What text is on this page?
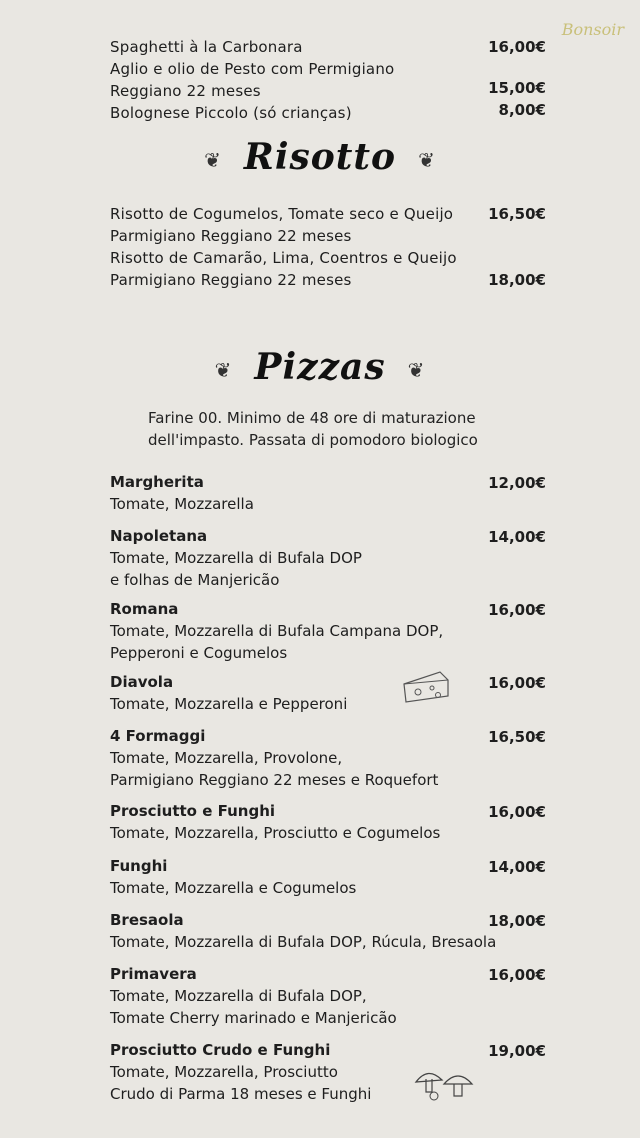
Bonsoir
Spaghetti à la Carbonara	16,00€
Aglio e olio de Pesto com Permigiano
Reggiano 22 meses	15,00€
Bolognese Piccolo (só crianças)	8,00€
❦ Risotto ❦
Risotto de Cogumelos, Tomate seco e Queijo 16,50€
Parmigiano Reggiano 22 meses
Risotto de Camarão, Lima, Coentros e Queijo
Parmigiano Reggiano 22 meses	18,00€
❦ Pizzas ❦
Farine 00. Minimo de 48 ore di maturazione
dell'impasto. Passata di pomodoro biologico
Margherita	12,00€
Tomate, Mozzarella
Napoletana	14,00€
Tomate, Mozzarella di Bufala DOP
e folhas de Manjericão
Romana	16,00€
Tomate, Mozzarella di Bufala Campana DOP,
Pepperoni e Cogumelos
Diavola	16,00€
Tomate, Mozzarella e Pepperoni
4 Formaggi	16,50€
Tomate, Mozzarella, Provolone,
Parmigiano Reggiano 22 meses e Roquefort
Prosciutto e Funghi	16,00€
Tomate, Mozzarella, Prosciutto e Cogumelos
Funghi	14,00€
Tomate, Mozzarella e Cogumelos
Bresaola	18,00€
Tomate, Mozzarella di Bufala DOP, Rúcula, Bresaola
Primavera	16,00€
Tomate, Mozzarella di Bufala DOP,
Tomate Cherry marinado e Manjericão
Prosciutto Crudo e Funghi	19,00€
Tomate, Mozzarella, Prosciutto
Crudo di Parma 18 meses e Funghi
